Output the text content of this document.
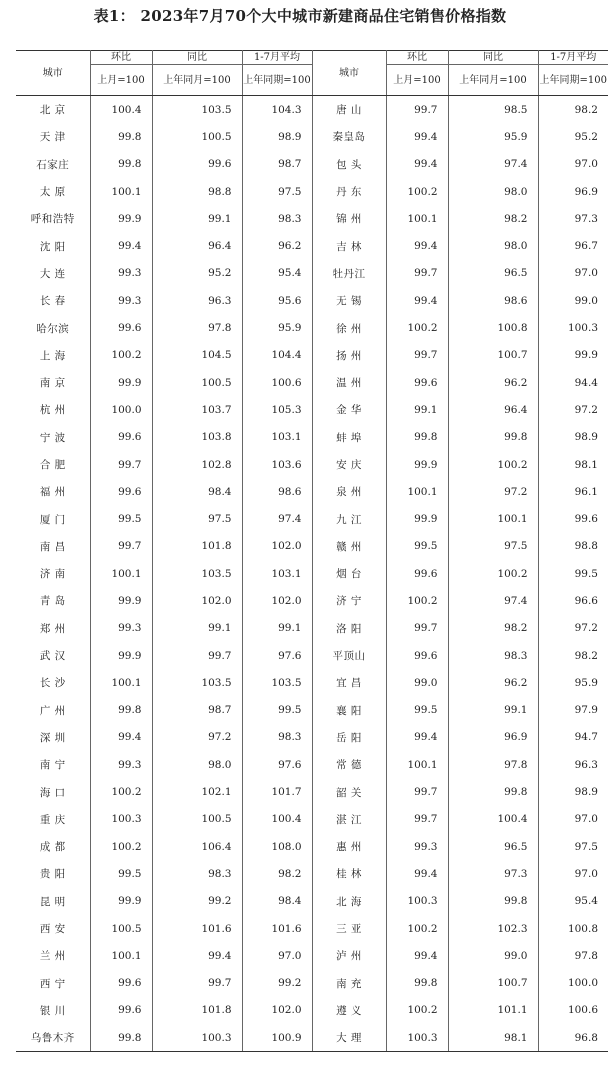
表1： 2023年7月70个大中城市新建商品住宅销售价格指数
城市	环比	同比	1-7月平均	城市	环比	同比	1-7月平均
	上月=100	上年同月=100	上年同期=100		上月=100	上年同月=100	上年同期=100
北 京	100.4	103.5	104.3	唐 山	99.7	98.5	98.2
天 津	99.8	100.5	98.9	秦皇岛	99.4	95.9	95.2
石家庄	99.8	99.6	98.7	包 头	99.4	97.4	97.0
太 原	100.1	98.8	97.5	丹 东	100.2	98.0	96.9
呼和浩特	99.9	99.1	98.3	锦 州	100.1	98.2	97.3
沈 阳	99.4	96.4	96.2	吉 林	99.4	98.0	96.7
大 连	99.3	95.2	95.4	牡丹江	99.7	96.5	97.0
长 春	99.3	96.3	95.6	无 锡	99.4	98.6	99.0
哈尔滨	99.6	97.8	95.9	徐 州	100.2	100.8	100.3
上 海	100.2	104.5	104.4	扬 州	99.7	100.7	99.9
南 京	99.9	100.5	100.6	温 州	99.6	96.2	94.4
杭 州	100.0	103.7	105.3	金 华	99.1	96.4	97.2
宁 波	99.6	103.8	103.1	蚌 埠	99.8	99.8	98.9
合 肥	99.7	102.8	103.6	安 庆	99.9	100.2	98.1
福 州	99.6	98.4	98.6	泉 州	100.1	97.2	96.1
厦 门	99.5	97.5	97.4	九 江	99.9	100.1	99.6
南 昌	99.7	101.8	102.0	赣 州	99.5	97.5	98.8
济 南	100.1	103.5	103.1	烟 台	99.6	100.2	99.5
青 岛	99.9	102.0	102.0	济 宁	100.2	97.4	96.6
郑 州	99.3	99.1	99.1	洛 阳	99.7	98.2	97.2
武 汉	99.9	99.7	97.6	平顶山	99.6	98.3	98.2
长 沙	100.1	103.5	103.5	宜 昌	99.0	96.2	95.9
广 州	99.8	98.7	99.5	襄 阳	99.5	99.1	97.9
深 圳	99.4	97.2	98.3	岳 阳	99.4	96.9	94.7
南 宁	99.3	98.0	97.6	常 德	100.1	97.8	96.3
海 口	100.2	102.1	101.7	韶 关	99.7	99.8	98.9
重 庆	100.3	100.5	100.4	湛 江	99.7	100.4	97.0
成 都	100.2	106.4	108.0	惠 州	99.3	96.5	97.5
贵 阳	99.5	98.3	98.2	桂 林	99.4	97.3	97.0
昆 明	99.9	99.2	98.4	北 海	100.3	99.8	95.4
西 安	100.5	101.6	101.6	三 亚	100.2	102.3	100.8
兰 州	100.1	99.4	97.0	泸 州	99.4	99.0	97.8
西 宁	99.6	99.7	99.2	南 充	99.8	100.7	100.0
银 川	99.6	101.8	102.0	遵 义	100.2	101.1	100.6
乌鲁木齐	99.8	100.3	100.9	大 理	100.3	98.1	96.8
